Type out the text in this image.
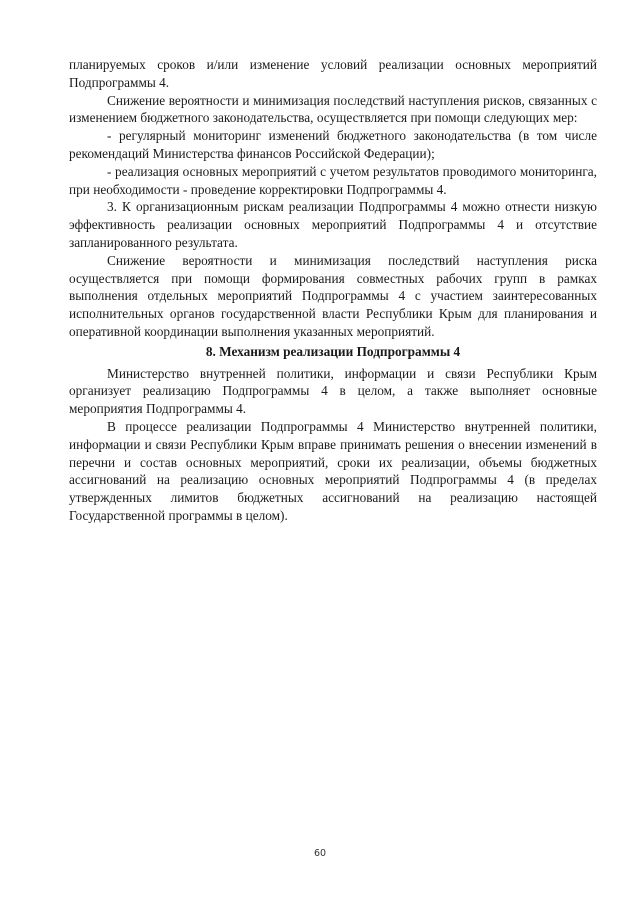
планируемых сроков и/или изменение условий реализации основных мероприятий Подпрограммы 4.

Снижение вероятности и минимизация последствий наступления рисков, связанных с изменением бюджетного законодательства, осуществляется при помощи следующих мер:

- регулярный мониторинг изменений бюджетного законодательства (в том числе рекомендаций Министерства финансов Российской Федерации);

- реализация основных мероприятий с учетом результатов проводимого мониторинга, при необходимости - проведение корректировки Подпрограммы 4.

3. К организационным рискам реализации Подпрограммы 4 можно отнести низкую эффективность реализации основных мероприятий Подпрограммы 4 и отсутствие запланированного результата.

Снижение вероятности и минимизация последствий наступления риска осуществляется при помощи формирования совместных рабочих групп в рамках выполнения отдельных мероприятий Подпрограммы 4 с участием заинтересованных исполнительных органов государственной власти Республики Крым для планирования и оперативной координации выполнения указанных мероприятий.

8. Механизм реализации Подпрограммы 4

Министерство внутренней политики, информации и связи Республики Крым организует реализацию Подпрограммы 4 в целом, а также выполняет основные мероприятия Подпрограммы 4.

В процессе реализации Подпрограммы 4 Министерство внутренней политики, информации и связи Республики Крым вправе принимать решения о внесении изменений в перечни и состав основных мероприятий, сроки их реализации, объемы бюджетных ассигнований на реализацию основных мероприятий Подпрограммы 4 (в пределах утвержденных лимитов бюджетных ассигнований на реализацию настоящей Государственной программы в целом).

60
